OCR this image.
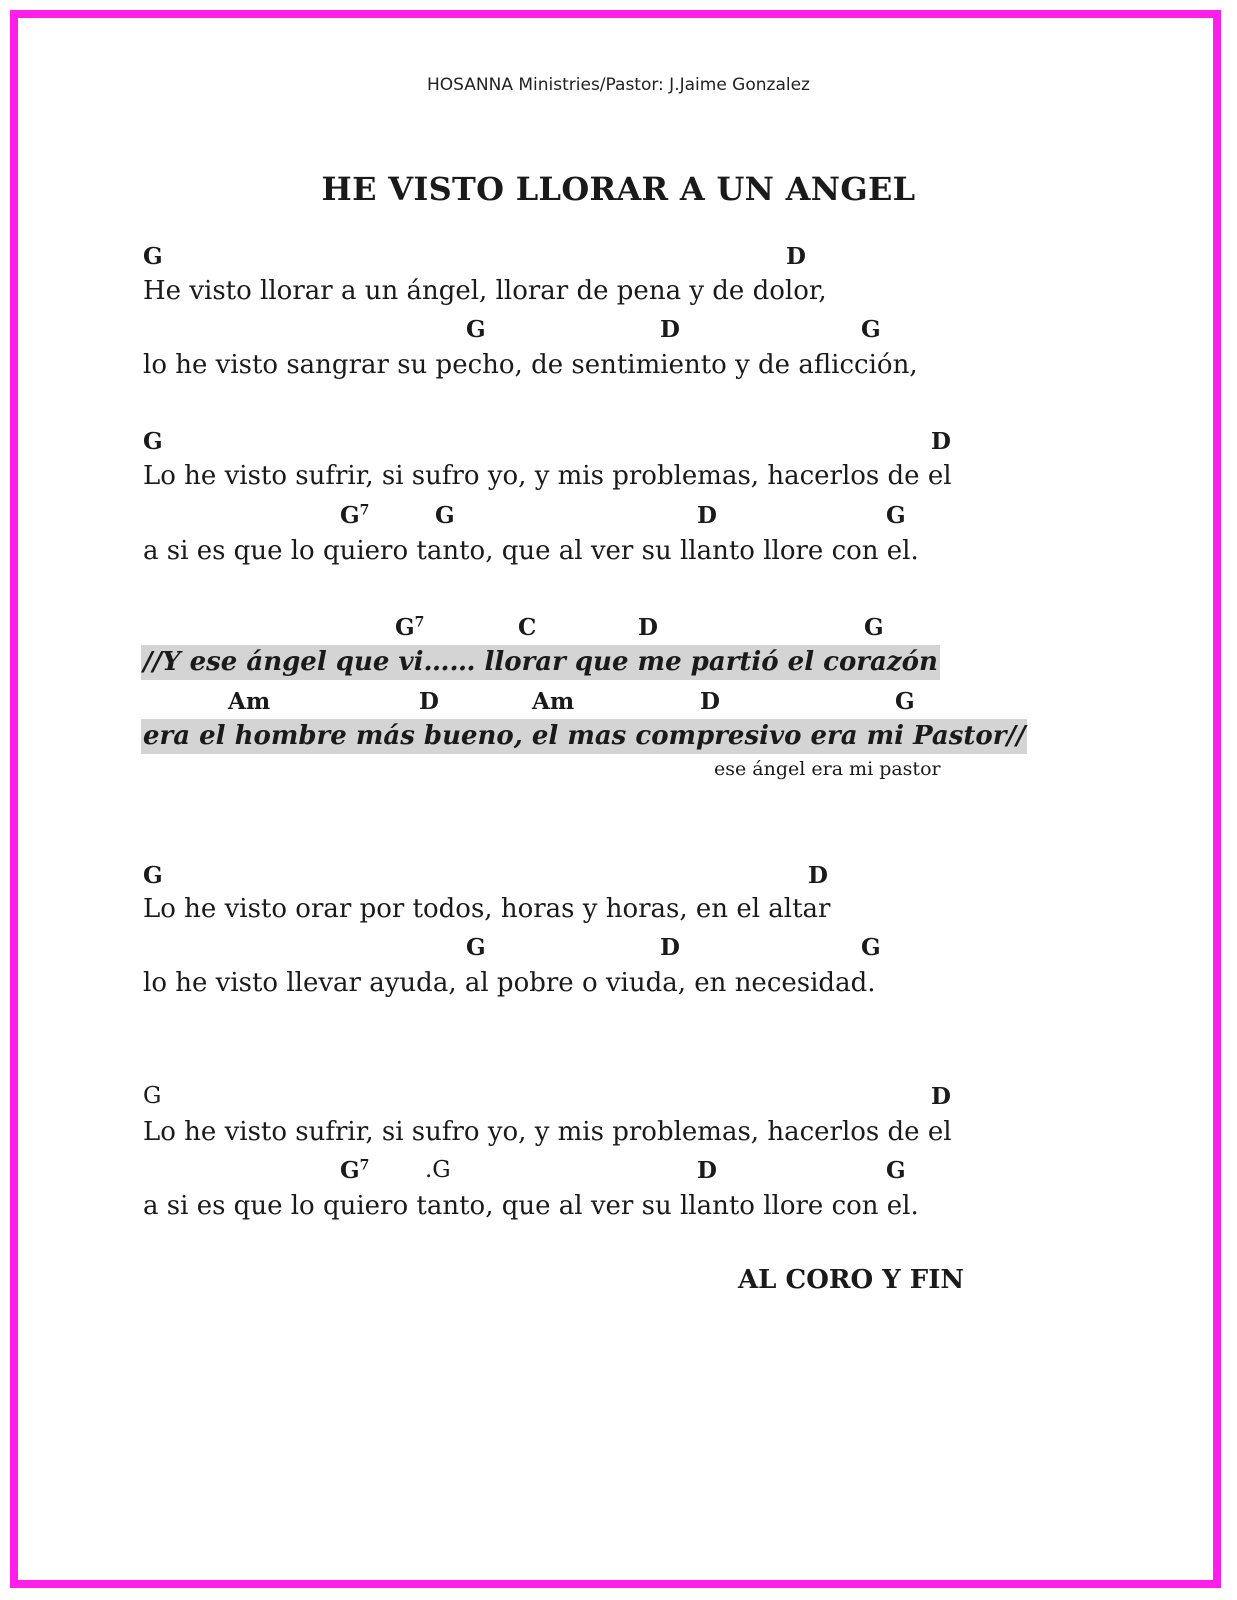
HOSANNA Ministries/Pastor: J.Jaime Gonzalez
HE VISTO LLORAR A UN ANGEL
G	D
He visto llorar a un ángel, llorar de pena y de dolor,
G	D	G
lo he visto sangrar su pecho, de sentimiento y de aflicción,
G	D
Lo he visto sufrir, si sufro yo, y mis problemas, hacerlos de el
$G^7$	G	D	G
a si es que lo quiero tanto, que al ver su llanto llore con el.
$G^7$	C	D	G
//Y ese ángel que vi…… llorar que me partió el corazón
Am	D	Am	D	G
era el hombre más bueno, el mas compresivo era mi Pastor//
ese ángel era mi pastor
G	D
Lo he visto orar por todos, horas y horas, en el altar
G	D	G
lo he visto llevar ayuda, al pobre o viuda, en necesidad.
G	D
Lo he visto sufrir, si sufro yo, y mis problemas, hacerlos de el
$G^7$ .G	D	G
a si es que lo quiero tanto, que al ver su llanto llore con el.
AL CORO Y FIN
